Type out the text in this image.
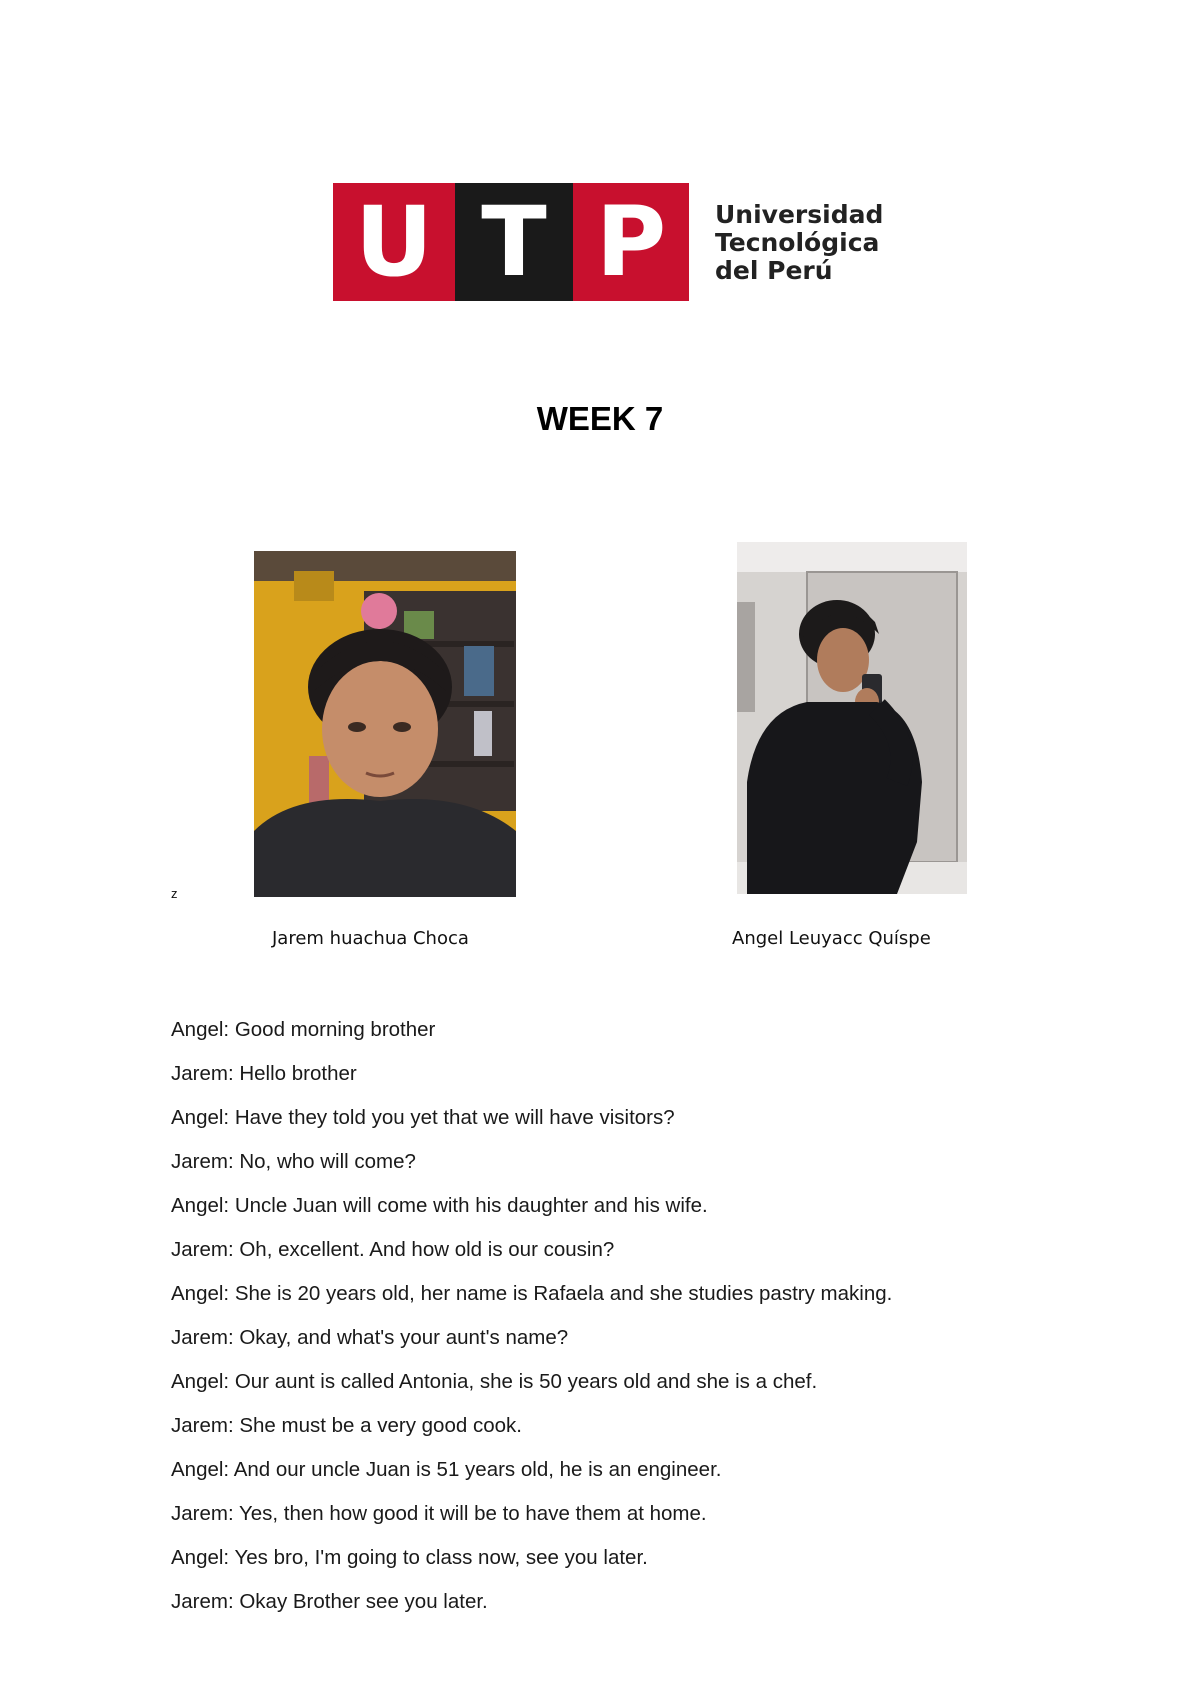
U T P	Universidad
Tecnológica
del Perú
WEEK 7
z
Jarem huachua Choca	Angel Leuyacc Quíspe
Angel: Good morning brother
Jarem: Hello brother
Angel: Have they told you yet that we will have visitors?
Jarem: No, who will come?
Angel: Uncle Juan will come with his daughter and his wife.
Jarem: Oh, excellent. And how old is our cousin?
Angel: She is 20 years old, her name is Rafaela and she studies pastry making.
Jarem: Okay, and what's your aunt's name?
Angel: Our aunt is called Antonia, she is 50 years old and she is a chef.
Jarem: She must be a very good cook.
Angel: And our uncle Juan is 51 years old, he is an engineer.
Jarem: Yes, then how good it will be to have them at home.
Angel: Yes bro, I'm going to class now, see you later.
Jarem: Okay Brother see you later.
